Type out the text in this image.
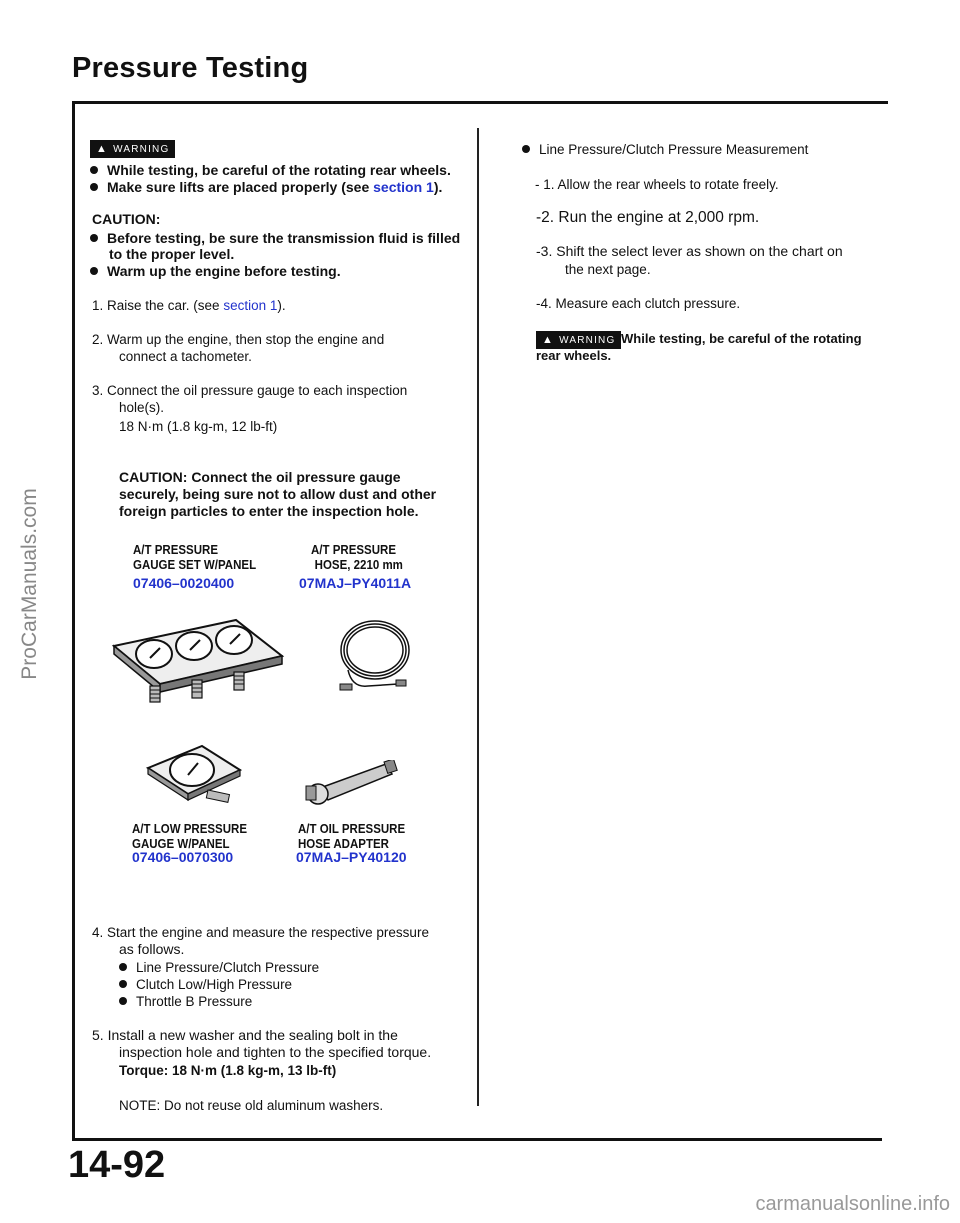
Pressure Testing
ProCarManuals.com
▲ WARNING
While testing, be careful of the rotating rear wheels.
Make sure lifts are placed properly (see section 1).
CAUTION:
Before testing, be sure the transmission fluid is filled
to the proper level.
Warm up the engine before testing.
1. Raise the car. (see section 1).
2. Warm up the engine, then stop the engine and
connect a tachometer.
3. Connect the oil pressure gauge to each inspection
hole(s).
18 N·m (1.8 kg-m, 12 lb-ft)
CAUTION: Connect the oil pressure gauge
securely, being sure not to allow dust and other
foreign particles to enter the inspection hole.
A/T PRESSURE
GAUGE SET W/PANEL
07406–0020400
A/T PRESSURE
HOSE, 2210 mm
07MAJ–PY4011A
A/T LOW PRESSURE
GAUGE W/PANEL
07406–0070300
A/T OIL PRESSURE
HOSE ADAPTER
07MAJ–PY40120
4. Start the engine and measure the respective pressure
as follows.
Line Pressure/Clutch Pressure
Clutch Low/High Pressure
Throttle B Pressure
5. Install a new washer and the sealing bolt in the
inspection hole and tighten to the specified torque.
Torque: 18 N·m (1.8 kg-m, 13 lb-ft)
NOTE: Do not reuse old aluminum washers.
Line Pressure/Clutch Pressure Measurement
- 1. Allow the rear wheels to rotate freely.
-2. Run the engine at 2,000 rpm.
-3. Shift the select lever as shown on the chart on
the next page.
-4. Measure each clutch pressure.
▲ WARNING While testing, be careful of the rotating
rear wheels.
14-92
carmanualsonline.info
